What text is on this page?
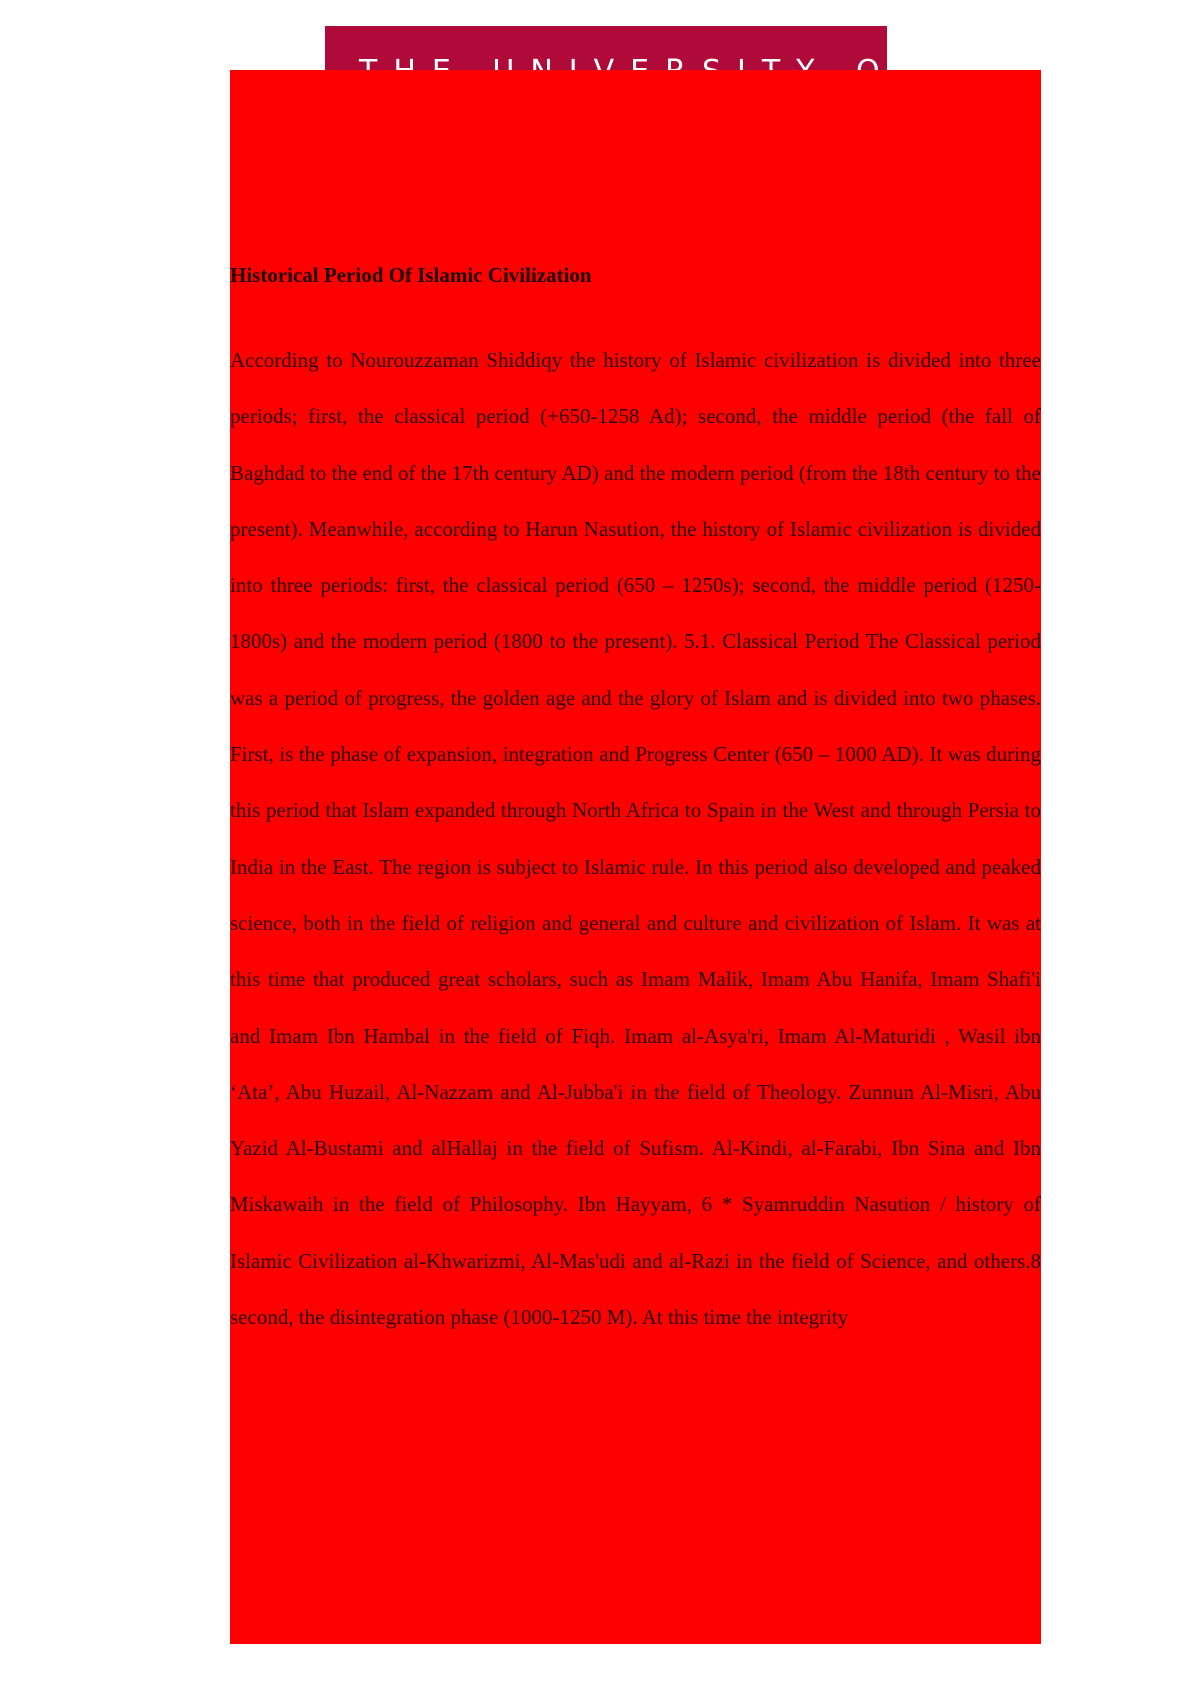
Historical Period Of Islamic Civilization

According to Nourouzzaman Shiddiqy the history of Islamic civilization is divided into three periods; first, the classical period (+650-1258 Ad); second, the middle period (the fall of Baghdad to the end of the 17th century AD) and the modern period (from the 18th century to the present). Meanwhile, according to Harun Nasution, the history of Islamic civilization is divided into three periods: first, the classical period (650 – 1250s); second, the middle period (1250-1800s) and the modern period (1800 to the present). 5.1. Classical Period The Classical period was a period of progress, the golden age and the glory of Islam and is divided into two phases. First, is the phase of expansion, integration and Progress Center (650 – 1000 AD). It was during this period that Islam expanded through North Africa to Spain in the West and through Persia to India in the East. The region is subject to Islamic rule. In this period also developed and peaked science, both in the field of religion and general and culture and civilization of Islam. It was at this time that produced great scholars, such as Imam Malik, Imam Abu Hanifa, Imam Shafi'i and Imam Ibn Hambal in the field of Fiqh. Imam al-Asya'ri, Imam Al-Maturidi , Wasil ibn ‘Ata’, Abu Huzail, Al-Nazzam and Al-Jubba'i in the field of Theology. Zunnun Al-Misri, Abu Yazid Al-Bustami and alHallaj in the field of Sufism. Al-Kindi, al-Farabi, Ibn Sina and Ibn Miskawaih in the field of Philosophy. Ibn Hayyam, 6 * Syamruddin Nasution / history of Islamic Civilization al-Khwarizmi, Al-Mas'udi and al-Razi in the field of Science, and others.8 second, the disintegration phase (1000-1250 M). At this time the integrity
